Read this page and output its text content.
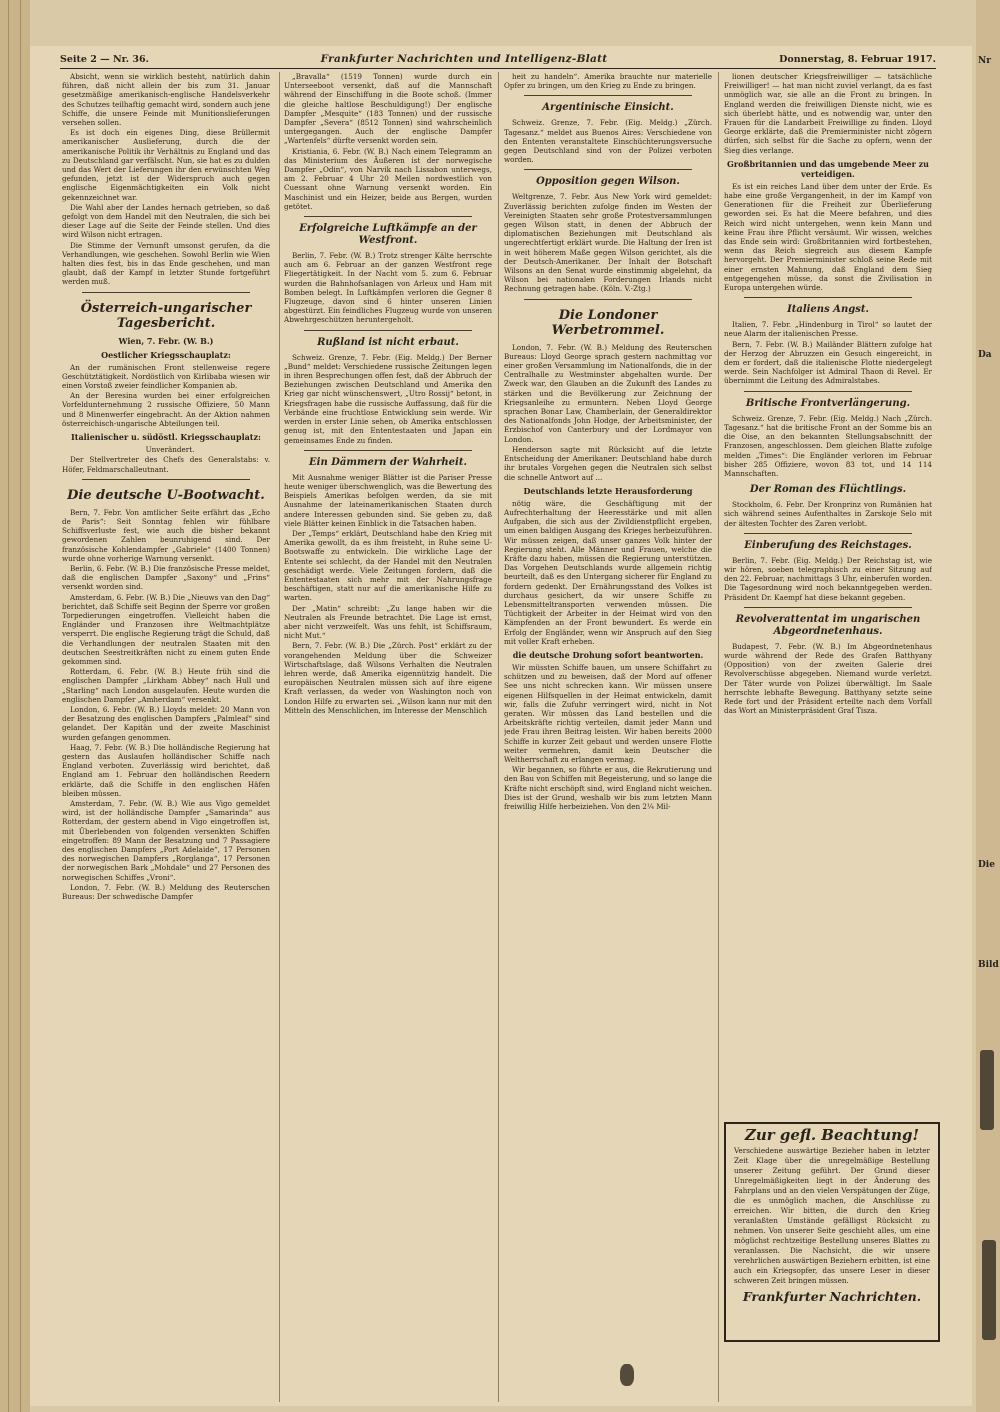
Seite 2 — Nr. 36.	Frankfurter Nachrichten und Intelligenz-Blatt	Donnerstag, 8. Februar 1917.

Absicht, wenn sie wirklich besteht, natürlich dahin führen, daß nicht allein der bis zum 31. Januar gesetzmäßige amerikanisch-englische Handelsverkehr des Schutzes teilhaftig gemacht wird, sondern auch jene Schiffe, die unsere Feinde mit Munitionslieferungen versehen sollen.

Es ist doch ein eigenes Ding, diese Brüllermit amerikanischer Auslieferung, durch die der amerikanische Politik ihr Verhältnis zu England und das zu Deutschland gar verfälscht. Nun, sie hat es zu dulden und das Wert der Lieferungen ihr den erwünschten Weg gefunden, jetzt ist der Widerspruch auch gegen englische Eigenmächtigkeiten ein Volk nicht gekennzeichnet war.

Die Wahl aber der Landes hernach getrieben, so daß gefolgt von dem Handel mit den Neutralen, die sich bei dieser Lage auf die Seite der Feinde stellen. Und dies wird Wilson nicht ertragen.

Die Stimme der Vernunft umsonst gerufen, da die Verhandlungen, wie geschehen. Sowohl Berlin wie Wien halten dies fest, bis in das Ende geschehen, und man glaubt, daß der Kampf in letzter Stunde fortgeführt werden muß.

Österreich-ungarischer Tagesbericht.
Wien, 7. Febr. (W. B.)
Oestlicher Kriegsschauplatz:

An der rumänischen Front stellenweise regere Geschütztätigkeit. Nordöstlich von Kirlibaba wiesen wir einen Vorstoß zweier feindlicher Kompanien ab.

An der Beresina wurden bei einer erfolgreichen Vorfeldunternehmung 2 russische Offiziere, 50 Mann und 8 Minenwerfer eingebracht. An der Aktion nahmen österreichisch-ungarische Abteilungen teil.

Italienischer u. südöstl. Kriegsschauplatz:

Unverändert.

Der Stellvertreter des Chefs des Generalstabs: v. Höfer, Feldmarschalleutnant.

Die deutsche U-Bootwacht.

Bern, 7. Febr. Von amtlicher Seite erfährt das „Echo de Paris“: Seit Sonntag fehlen wir fühlbare Schiffsverluste fest, wie auch die bisher bekannt gewordenen Zahlen beunruhigend sind. Der französische Kohlendampfer „Gabriele“ (1400 Tonnen) wurde ohne vorherige Warnung versenkt.

Berlin, 6. Febr. (W. B.) Die französische Presse meldet, daß die englischen Dampfer „Saxony“ und „Frins“ versenkt worden sind.

Amsterdam, 6. Febr. (W. B.) Die „Nieuws van den Dag“ berichtet, daß Schiffe seit Beginn der Sperre vor großen Torpedierungen eingetroffen. Vielleicht haben die Engländer und Franzosen ihre Weltmachtplätze versperrt. Die englische Regierung trägt die Schuld, daß die Verhandlungen der neutralen Staaten mit den deutschen Seestreitkräften nicht zu einem guten Ende gekommen sind.

Rotterdam, 6. Febr. (W. B.) Heute früh sind die englischen Dampfer „Lirkham Abbey“ nach Hull und „Starling“ nach London ausgelaufen. Heute wurden die englischen Dampfer „Amherdam“ versenkt.

London, 6. Febr. (W. B.) Lloyds meldet: 20 Mann von der Besatzung des englischen Dampfers „Palmleaf“ sind gelandet. Der Kapitän und der zweite Maschinist wurden gefangen genommen.

Haag, 7. Febr. (W. B.) Die holländische Regierung hat gestern das Auslaufen holländischer Schiffe nach England verboten. Zuverlässig wird berichtet, daß England am 1. Februar den holländischen Reedern erklärte, daß die Schiffe in den englischen Häfen bleiben müssen.

Amsterdam, 7. Febr. (W. B.) Wie aus Vigo gemeldet wird, ist der holländische Dampfer „Samarinda“ aus Rotterdam, der gestern abend in Vigo eingetroffen ist, mit Überlebenden von folgenden versenkten Schiffen eingetroffen: 89 Mann der Besatzung und 7 Passagiere des englischen Dampfers „Port Adelaide“, 17 Personen des norwegischen Dampfers „Rorglanga“, 17 Personen der norwegischen Bark „Mohdale“ und 27 Personen des norwegischen Schiffes „Vroni“.

London, 7. Febr. (W. B.) Meldung des Reuterschen Bureaus: Der schwedische Dampfer

„Bravalla“ (1519 Tonnen) wurde durch ein Unterseeboot versenkt, daß auf die Mannschaft während der Einschiffung in die Boote schoß. (Immer die gleiche haltlose Beschuldigung!) Der englische Dampfer „Mesquite“ (183 Tonnen) und der russische Dampfer „Severa“ (8512 Tonnen) sind wahrscheinlich untergegangen. Auch der englische Dampfer „Wartenfels“ dürfte versenkt worden sein.

Kristiania, 6. Febr. (W. B.) Nach einem Telegramm an das Ministerium des Äußeren ist der norwegische Dampfer „Odin“, von Narvik nach Lissabon unterwegs, am 2. Februar 4 Uhr 20 Meilen nordwestlich von Cuessant ohne Warnung versenkt worden. Ein Maschinist und ein Heizer, beide aus Bergen, wurden getötet.

Erfolgreiche Luftkämpfe an der Westfront.

Berlin, 7. Febr. (W. B.) Trotz strenger Kälte herrschte auch am 6. Februar an der ganzen Westfront rege Fliegertätigkeit. In der Nacht vom 5. zum 6. Februar wurden die Bahnhofsanlagen von Arleux und Ham mit Bomben belegt. In Luftkämpfen verloren die Gegner 8 Flugzeuge, davon sind 6 hinter unseren Linien abgestürzt. Ein feindliches Flugzeug wurde von unseren Abwehrgeschützen heruntergeholt.

Rußland ist nicht erbaut.

Schweiz. Grenze, 7. Febr. (Eig. Meldg.) Der Berner „Bund“ meldet: Verschiedene russische Zeitungen legen in ihren Besprechungen offen fest, daß der Abbruch der Beziehungen zwischen Deutschland und Amerika den Krieg gar nicht wünschenswert, „Utro Rossij“ betont, in Kriegsfragen habe die russische Auffassung, daß für die Verbände eine fruchtlose Entwicklung sein werde. Wir werden in erster Linie sehen, ob Amerika entschlossen genug ist, mit den Ententestaaten und Japan ein gemeinsames Ende zu finden.

Ein Dämmern der Wahrheit.

Mit Ausnahme weniger Blätter ist die Pariser Presse heute weniger überschwenglich, was die Bewertung des Beispiels Amerikas befolgen werden, da sie mit Ausnahme der lateinamerikanischen Staaten durch andere Interessen gebunden sind. Sie geben zu, daß viele Blätter keinen Einblick in die Tatsachen haben.

Der „Temps“ erklärt, Deutschland habe den Krieg mit Amerika gewollt, da es ihm freisteht, in Ruhe seine U-Bootswaffe zu entwickeln. Die wirkliche Lage der Entente sei schlecht, da der Handel mit den Neutralen geschädigt werde. Viele Zeitungen fordern, daß die Ententestaaten sich mehr mit der Nahrungsfrage beschäftigen, statt nur auf die amerikanische Hilfe zu warten.

Der „Matin“ schreibt: „Zu lange haben wir die Neutralen als Freunde betrachtet. Die Lage ist ernst, aber nicht verzweifelt. Was uns fehlt, ist Schiffsraum, nicht Mut.“

Bern, 7. Febr. (W. B.) Die „Zürch. Post“ erklärt zu der vorangehenden Meldung über die Schweizer Wirtschaftslage, daß Wilsons Verhalten die Neutralen lehren werde, daß Amerika eigennützig handelt. Die europäischen Neutralen müssen sich auf ihre eigene Kraft verlassen, da weder von Washington noch von London Hilfe zu erwarten sei. „Wilson kann nur mit den Mitteln des Menschlichen, im Interesse der Menschlich

heit zu handeln“. Amerika brauchte nur materielle Opfer zu bringen, um den Krieg zu Ende zu bringen.

Argentinische Einsicht.

Schweiz. Grenze, 7. Febr. (Eig. Meldg.) „Zürch. Tagesanz.“ meldet aus Buenos Aires: Verschiedene von den Ententen veranstaltete Einschüchterungsversuche gegen Deutschland sind von der Polizei verboten worden.

Opposition gegen Wilson.

Weltgrenze, 7. Febr. Aus New York wird gemeldet: Zuverlässig berichten zufolge finden im Westen der Vereinigten Staaten sehr große Protestversammlungen gegen Wilson statt, in denen der Abbruch der diplomatischen Beziehungen mit Deutschland als ungerechtfertigt erklärt wurde. Die Haltung der Iren ist in weit höherem Maße gegen Wilson gerichtet, als die der Deutsch-Amerikaner. Der Inhalt der Botschaft Wilsons an den Senat wurde einstimmig abgelehnt, da Wilson bei nationalen Forderungen Irlands nicht Rechnung getragen habe. (Köln. V.-Ztg.)

Die Londoner Werbetrommel.

London, 7. Febr. (W. B.) Meldung des Reuterschen Bureaus: Lloyd George sprach gestern nachmittag vor einer großen Versammlung im Nationalfonds, die in der Centralhalle zu Westminster abgehalten wurde. Der Zweck war, den Glauben an die Zukunft des Landes zu stärken und die Bevölkerung zur Zeichnung der Kriegsanleihe zu ermuntern. Neben Lloyd George sprachen Bonar Law, Chamberlain, der Generaldirektor des Nationalfonds John Hodge, der Arbeitsminister, der Erzbischof von Canterbury und der Lordmayor von London.

Henderson sagte mit Rücksicht auf die letzte Entscheidung der Amerikaner: Deutschland habe durch ihr brutales Vorgehen gegen die Neutralen sich selbst die schnelle Antwort auf ...

Deutschlands letzte Herausforderung

nötig wäre, die Geschäftigung mit der Aufrechterhaltung der Heeresstärke und mit allen Aufgaben, die sich aus der Zivildienstpflicht ergeben, um einen baldigen Ausgang des Krieges herbeizuführen. Wir müssen zeigen, daß unser ganzes Volk hinter der Regierung steht. Alle Männer und Frauen, welche die Kräfte dazu haben, müssen die Regierung unterstützen. Das Vorgehen Deutschlands wurde allgemein richtig beurteilt, daß es den Untergang sicherer für England zu fordern gedenkt. Der Ernährungsstand des Volkes ist durchaus gesichert, da wir unsere Schiffe zu Lebensmitteltransporten verwenden müssen. Die Tüchtigkeit der Arbeiter in der Heimat wird von den Kämpfenden an der Front bewundert. Es werde ein Erfolg der Engländer, wenn wir Anspruch auf den Sieg mit voller Kraft erheben.

die deutsche Drohung sofort beantworten.

Wir müssten Schiffe bauen, um unsere Schiffahrt zu schützen und zu beweisen, daß der Mord auf offener See uns nicht schrecken kann. Wir müssen unsere eigenen Hilfsquellen in der Heimat entwickeln, damit wir, falls die Zufuhr verringert wird, nicht in Not geraten. Wir müssen das Land bestellen und die Arbeitskräfte richtig verteilen, damit jeder Mann und jede Frau ihren Beitrag leisten. Wir haben bereits 2000 Schiffe in kurzer Zeit gebaut und werden unsere Flotte weiter vermehren, damit kein Deutscher die Weltherrschaft zu erlangen vermag.

Wir begannen, so führte er aus, die Rekrutierung und den Bau von Schiffen mit Begeisterung, und so lange die Kräfte nicht erschöpft sind, wird England nicht weichen. Dies ist der Grund, weshalb wir bis zum letzten Mann freiwillig Hilfe herbeiziehen. Von den 2¼ Mil-

lionen deutscher Kriegsfreiwilliger — tatsächliche Freiwilliger! — hat man nicht zuviel verlangt, da es fast unmöglich war, sie alle an die Front zu bringen. In England werden die freiwilligen Dienste nicht, wie es sich überlebt hätte, und es notwendig war, unter den Frauen für die Landarbeit Freiwillige zu finden. Lloyd George erklärte, daß die Premierminister nicht zögern dürfen, sich selbst für die Sache zu opfern, wenn der Sieg dies verlange.

Großbritannien und das umgebende Meer zu verteidigen.

Es ist ein reiches Land über dem unter der Erde. Es habe eine große Vergangenheit, in der im Kampf von Generationen für die Freiheit zur Überlieferung geworden sei. Es hat die Meere befahren, und dies Reich wird nicht untergehen, wenn kein Mann und keine Frau ihre Pflicht versäumt. Wir wissen, welches das Ende sein wird: Großbritannien wird fortbestehen, wenn das Reich siegreich aus diesem Kampfe hervorgeht. Der Premierminister schloß seine Rede mit einer ernsten Mahnung, daß England dem Sieg entgegengehen müsse, da sonst die Zivilisation in Europa untergehen würde.

Italiens Angst.

Italien, 7. Febr. „Hindenburg in Tirol“ so lautet der neue Alarm der italienischen Presse.

Bern, 7. Febr. (W. B.) Mailänder Blättern zufolge hat der Herzog der Abruzzen ein Gesuch eingereicht, in dem er fordert, daß die italienische Flotte niedergelegt werde. Sein Nachfolger ist Admiral Thaon di Revel. Er übernimmt die Leitung des Admiralstabes.

Britische Frontverlängerung.

Schweiz. Grenze, 7. Febr. (Eig. Meldg.) Nach „Zürch. Tagesanz.“ hat die britische Front an der Somme bis an die Oise, an den bekannten Stellungsabschnitt der Franzosen, angeschlossen. Dem gleichen Blatte zufolge melden „Times“: Die Engländer verloren im Februar bisher 285 Offiziere, wovon 83 tot, und 14 114 Mannschaften.

Der Roman des Flüchtlings.

Stockholm, 6. Febr. Der Kronprinz von Rumänien hat sich während seines Aufenthaltes in Zarskoje Selo mit der ältesten Tochter des Zaren verlobt.

Einberufung des Reichstages.

Berlin, 7. Febr. (Eig. Meldg.) Der Reichstag ist, wie wir hören, soeben telegraphisch zu einer Sitzung auf den 22. Februar, nachmittags 3 Uhr, einberufen worden. Die Tagesordnung wird noch bekanntgegeben werden. Präsident Dr. Kaempf hat diese bekannt gegeben.

Revolverattentat im ungarischen Abgeordnetenhaus.

Budapest, 7. Febr. (W. B.) Im Abgeordnetenhaus wurde während der Rede des Grafen Batthyany (Opposition) von der zweiten Galerie drei Revolverschüsse abgegeben. Niemand wurde verletzt. Der Täter wurde von Polizei überwältigt. Im Saale herrschte lebhafte Bewegung. Batthyany setzte seine Rede fort und der Präsident erteilte nach dem Vorfall das Wort an Ministerpräsident Graf Tisza.

Zur gefl. Beachtung!
Verschiedene auswärtige Bezieher haben in letzter Zeit Klage über die unregelmäßige Bestellung unserer Zeitung geführt. Der Grund dieser Unregelmäßigkeiten liegt in der Änderung des Fahrplans und an den vielen Verspätungen der Züge, die es unmöglich machen, die Anschlüsse zu erreichen. Wir bitten, die durch den Krieg veranlaßten Umstände gefälligst Rücksicht zu nehmen. Von unserer Seite geschieht alles, um eine möglichst rechtzeitige Bestellung unseres Blattes zu veranlassen. Die Nachsicht, die wir unsere verehrlichen auswärtigen Beziehern erbitten, ist eine auch ein Kriegsopfer, das unsere Leser in dieser schweren Zeit bringen müssen.
Frankfurter Nachrichten.
Nr
Da
Die
Bild
